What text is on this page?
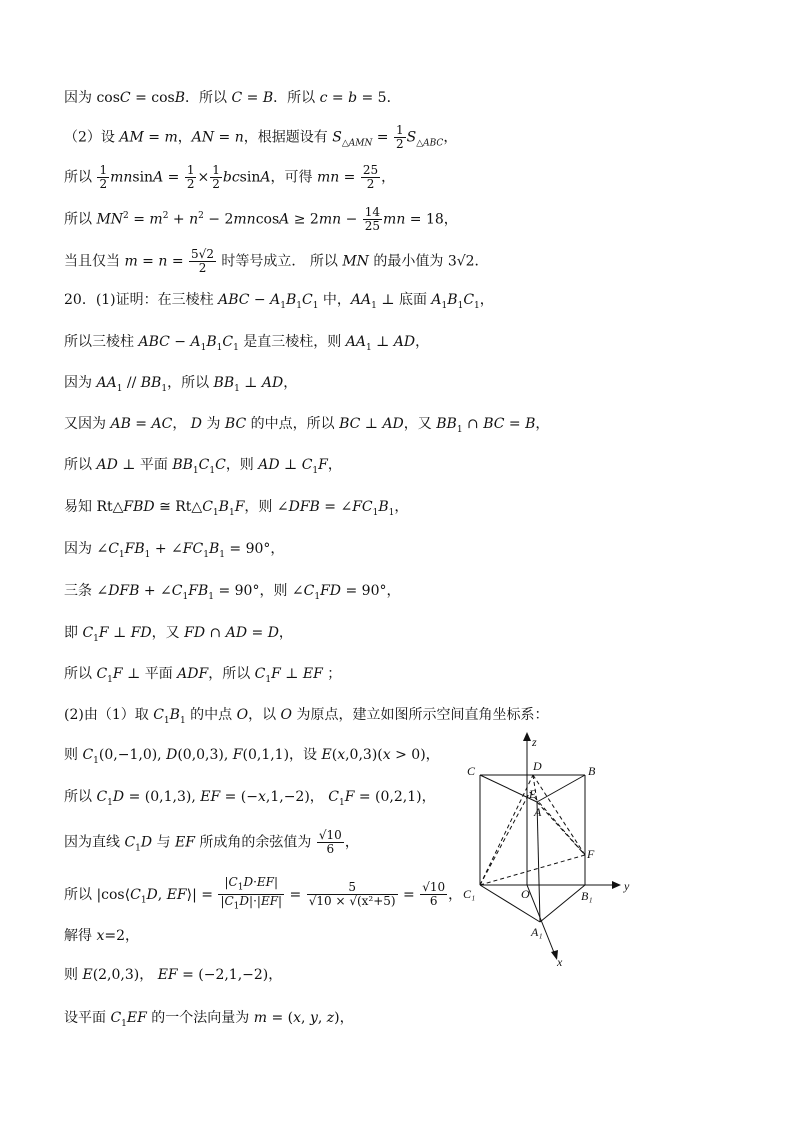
因为 cosC = cosB．所以 C = B．所以 c = b = 5．
（2）设 AM = m，AN = n，根据题设有 $S_{\triangle AMN} = \frac{1}{2} S_{\triangle ABC}$，
所以 $\frac{1}{2}$ $mnsinA = \frac{1}{2} \times \frac{1}{2}$ bcsinA，可得 mn = $\frac{25}{2}$ ，
所以 $MN^2 = m^2 + n^2 - 2mncosA \ge 2mn - \frac{14}{25}$ mn = 18，
当且仅当 $m = n = \frac{5√2}{2}$ 时等号成立． 所以 MN 的最小值为 3√2．
20．(1)证明：在三棱柱 ABC − $A_1B_1C_1$ 中，$AA_1$ ⊥ 底面 $A_1B_1C_1$，
所以三棱柱 ABC − $A_1B_1C_1$ 是直三棱柱，则 $AA_1$ ⊥ AD，
因为 $AA_1 // BB_1$，所以 $BB_1$ ⊥ AD，
又因为 AB = AC， D 为 BC 的中点，所以 BC ⊥ AD，又 $BB_1$ ∩ BC = B，
所以 AD ⊥ 平面 $BB_1C_1C$，则 AD ⊥ $C_1F$，
易知 Rt△FBD ≅ $Rt\triangle C_1B_1F$，则 ∠DFB = $\angle FC_1B_1$，
因为 $\angle C_1FB_1$ + $\angle FC_1B_1 = 90^\circ$，
三条 ∠DFB + $\angle C_1FB_1 = 90^\circ$，则 $\angle C_1FD = 90^\circ$，
即 $C_1F$ ⊥ FD，又 FD ∩ AD = D，
所以 $C_1F$ ⊥ 平面 ADF，所以 $C_1F$ ⊥ EF ；
(2)由（1）取 $C_1B_1$ 的中点 O，以 O 为原点，建立如图所示空间直角坐标系：
则 $C_1(0,-1,0)$, D(0,0,3), F(0,1,1)，设 E(x,0,3)(x > 0)，
所以 $C_1D = (0,1,3)$, EF = (−x,1,−2)， $C_1F = (0,2,1)$，
因为直线 $C_1D$ 与 EF 所成角的余弦值为 $\frac{√10}{6}$ ，
所以 $|\cos⟨C_1D$, EF⟩| = $\frac{|C_1D\cdot EF|}{|C_1D|\cdot|EF|} = \frac{5}{\text{√10 × √(x²+5)}} = \frac{√10}{6}$ ，
解得 x=2，
则 E(2,0,3)， EF = (−2,1,−2)，
设平面 $C_1EF$ 的一个法向量为 m = (x, y, z)，
z
y
x
C	D	B
E
A
F
C₁	O	B₁
A₁
